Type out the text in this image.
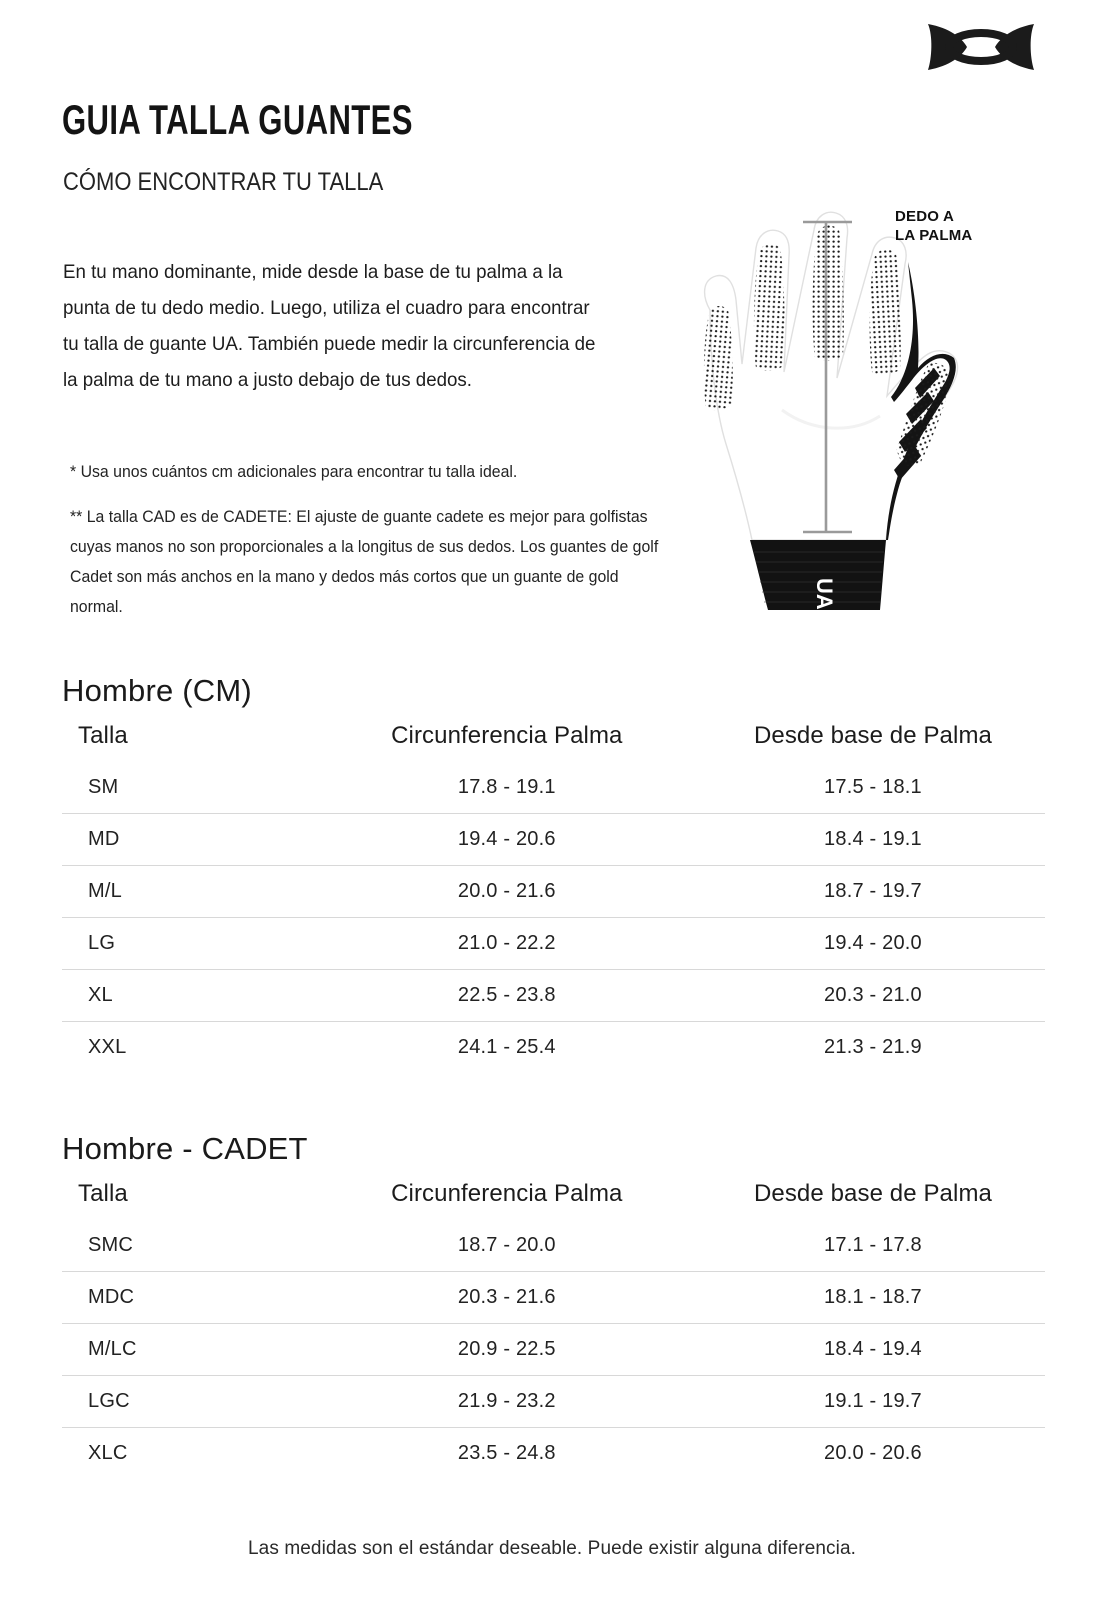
GUIA TALLA GUANTES
CÓMO ENCONTRAR TU TALLA

En tu mano dominante, mide desde la base de tu palma a la punta de tu dedo medio. Luego, utiliza el cuadro para encontrar tu talla de guante UA. También puede medir la circunferencia de la palma de tu mano a justo debajo de tus dedos.

* Usa unos cuántos cm adicionales para encontrar tu talla ideal.

** La talla CAD es de CADETE: El ajuste de guante cadete es mejor para golfistas cuyas manos no son proporcionales a la longitus de sus dedos. Los guantes de golf Cadet son más anchos en la mano y dedos más cortos que un guante de gold normal.	UA
DEDO A
LA PALMA
Hombre (CM)
Talla	Circunferencia Palma	Desde base de Palma
SM	17.8 - 19.1	17.5 - 18.1
MD	19.4 - 20.6	18.4 - 19.1
M/L	20.0 - 21.6	18.7 - 19.7
LG	21.0 - 22.2	19.4 - 20.0
XL	22.5 - 23.8	20.3 - 21.0
XXL	24.1 - 25.4	21.3 - 21.9
Hombre - CADET
Talla	Circunferencia Palma	Desde base de Palma
SMC	18.7 - 20.0	17.1 - 17.8
MDC	20.3 - 21.6	18.1 - 18.7
M/LC	20.9 - 22.5	18.4 - 19.4
LGC	21.9 - 23.2	19.1 - 19.7
XLC	23.5 - 24.8	20.0 - 20.6
Las medidas son el estándar deseable. Puede existir alguna diferencia.
